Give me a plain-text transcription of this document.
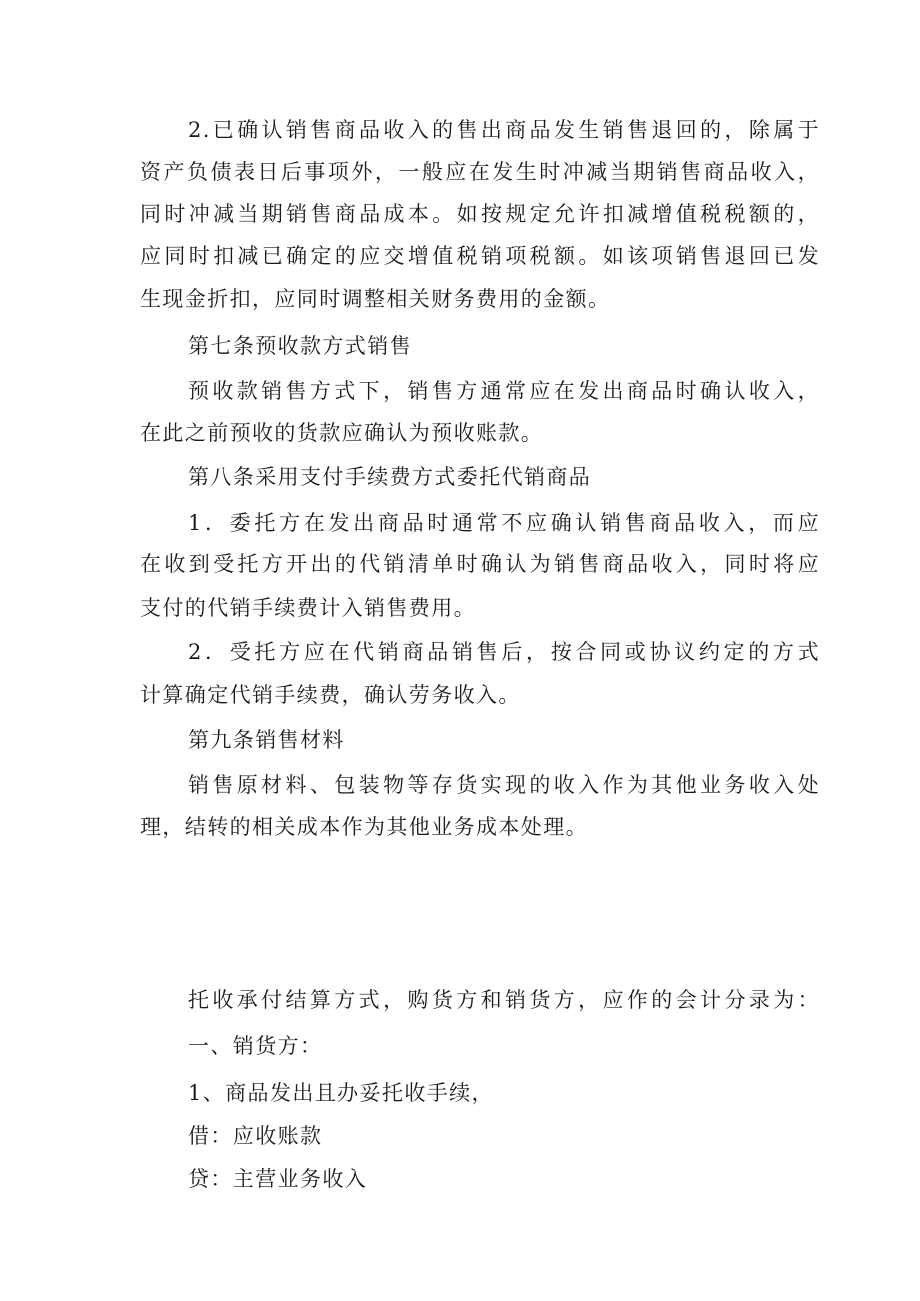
2.已确认销售商品收入的售出商品发生销售退回的，除属于
资产负债表日后事项外，一般应在发生时冲减当期销售商品收入，
同时冲减当期销售商品成本。如按规定允许扣减增值税税额的，
应同时扣减已确定的应交增值税销项税额。如该项销售退回已发
生现金折扣，应同时调整相关财务费用的金额。
第七条预收款方式销售
预收款销售方式下，销售方通常应在发出商品时确认收入，
在此之前预收的货款应确认为预收账款。
第八条采用支付手续费方式委托代销商品
1．委托方在发出商品时通常不应确认销售商品收入，而应
在收到受托方开出的代销清单时确认为销售商品收入，同时将应
支付的代销手续费计入销售费用。
2．受托方应在代销商品销售后，按合同或协议约定的方式
计算确定代销手续费，确认劳务收入。
第九条销售材料
销售原材料、包装物等存货实现的收入作为其他业务收入处
理，结转的相关成本作为其他业务成本处理。
托收承付结算方式，购货方和销货方，应作的会计分录为：
一、销货方：
1、商品发出且办妥托收手续，
借：应收账款
贷：主营业务收入
